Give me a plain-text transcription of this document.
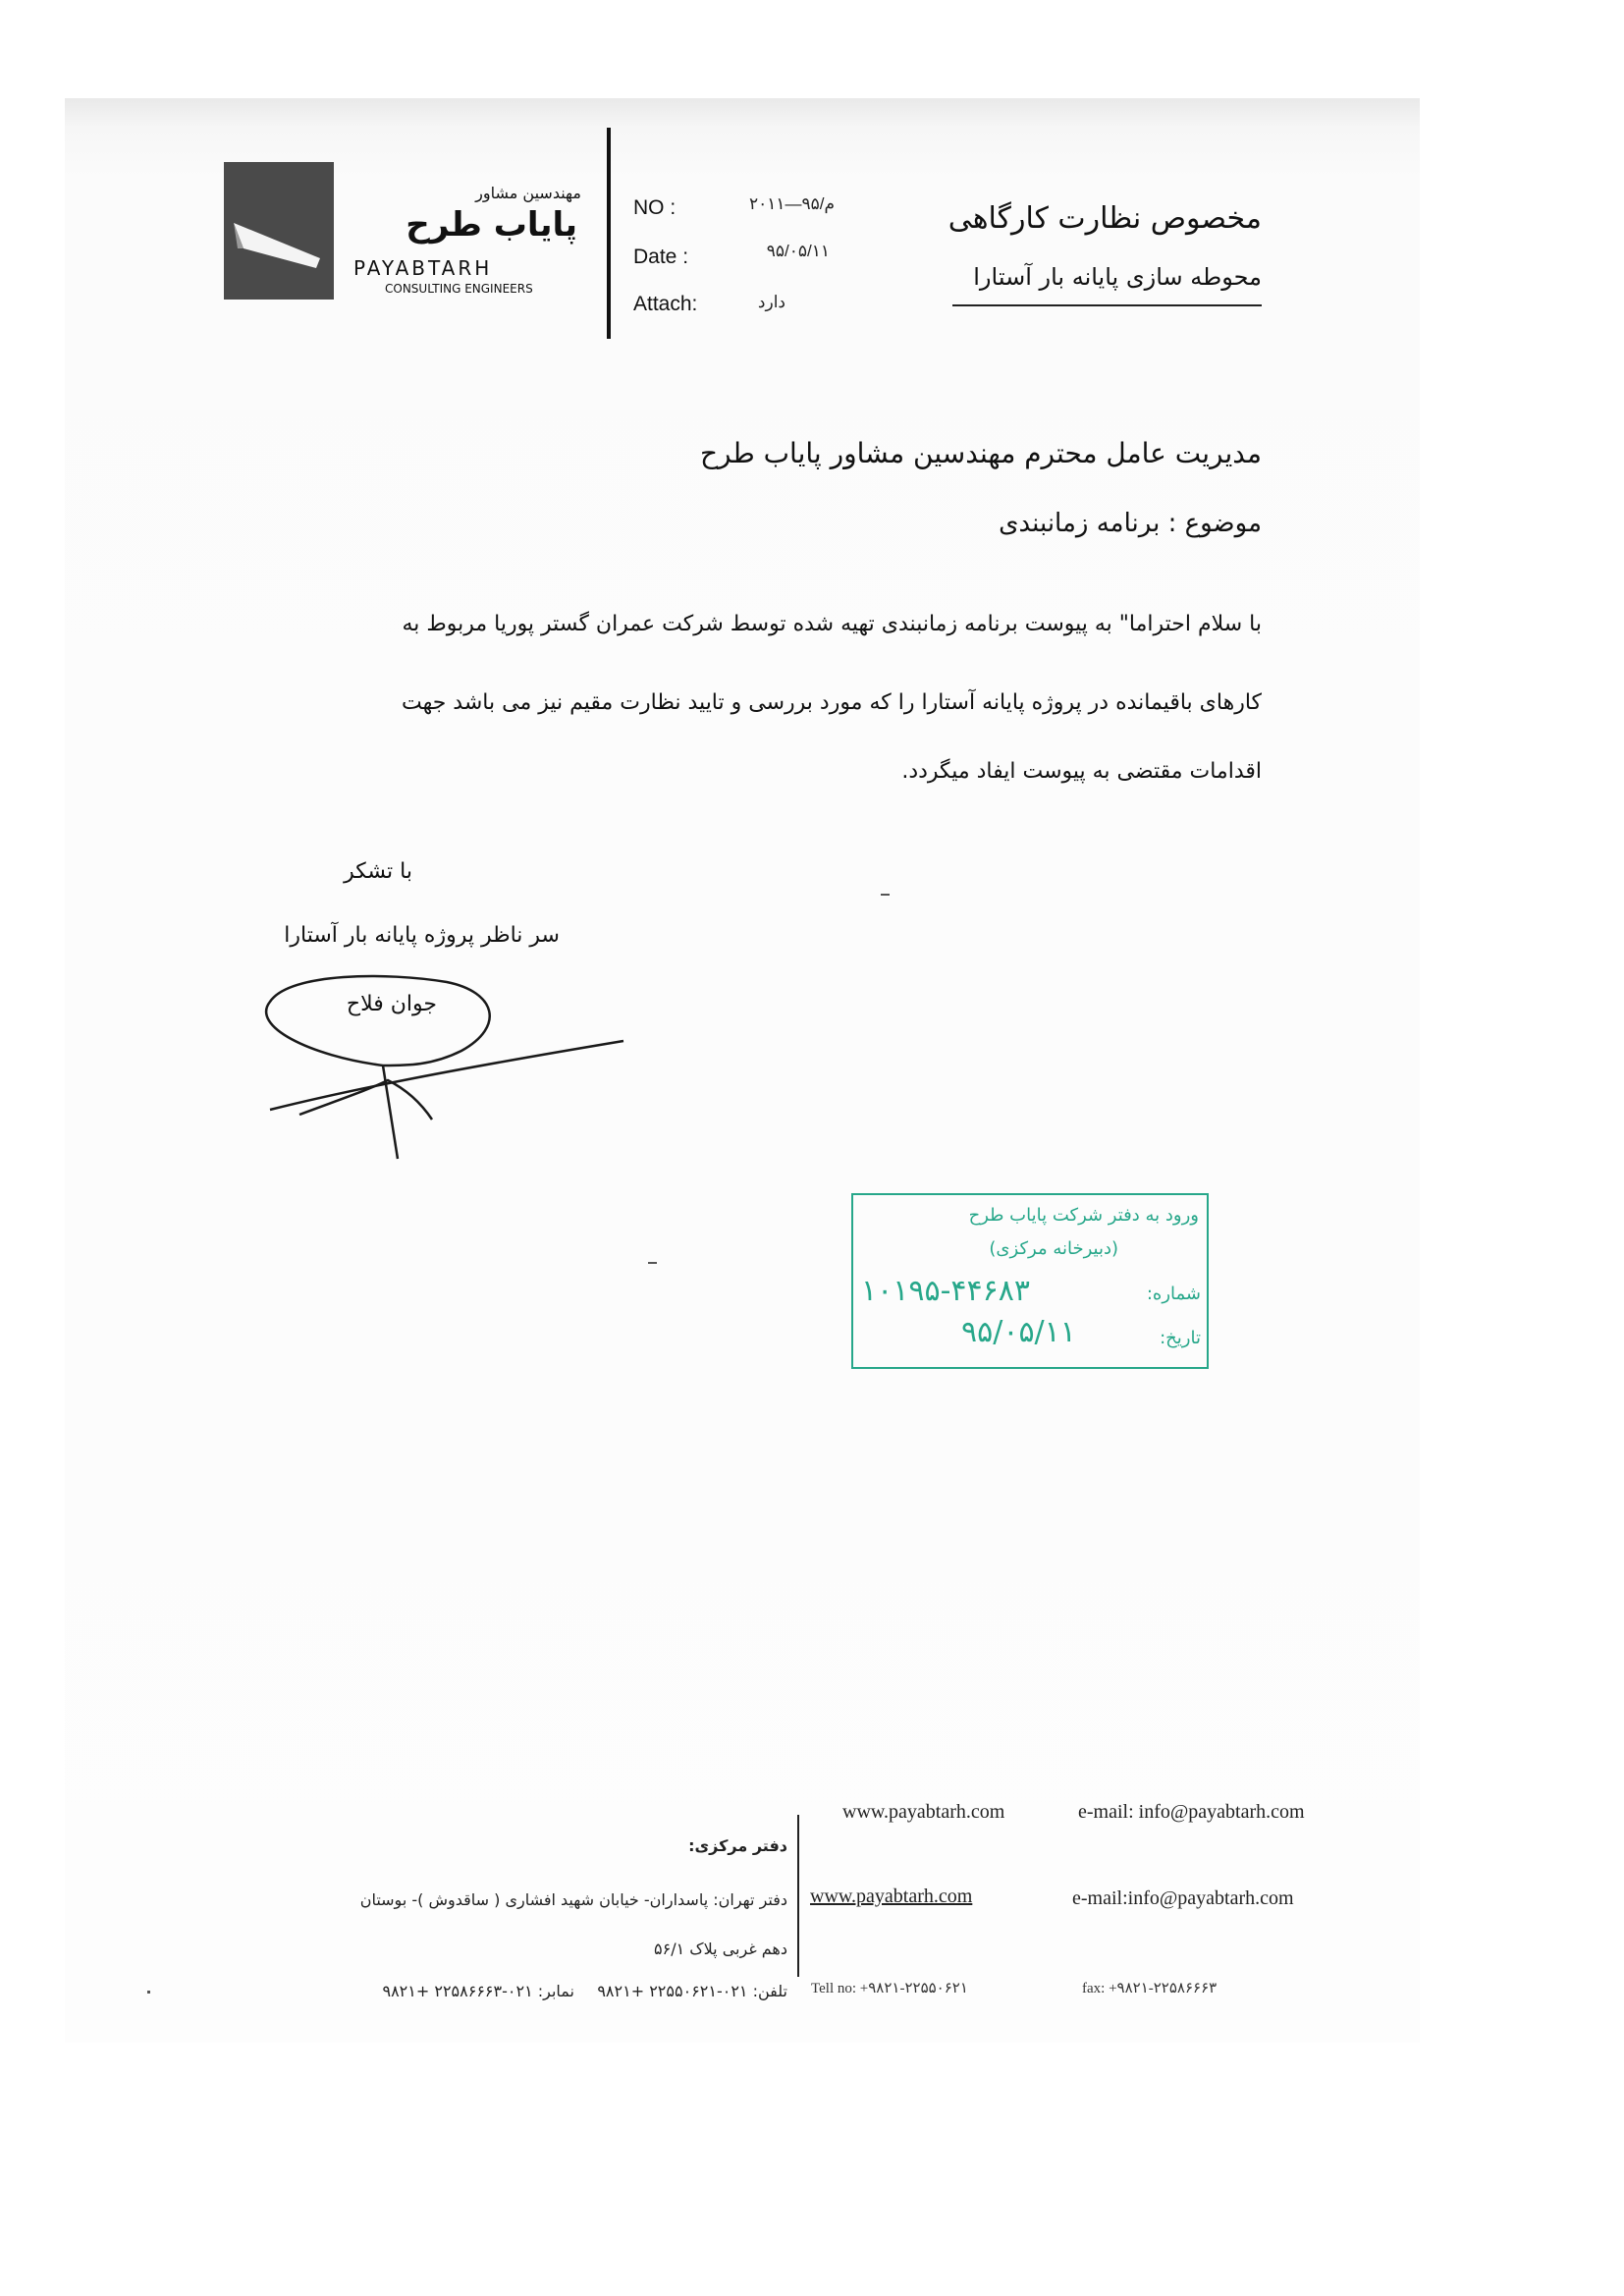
مهندسین مشاور
پایاب طرح
PAYABTARH
CONSULTING ENGINEERS
NO :	م/۹۵—۲۰۱۱
Date :	۹۵/۰۵/۱۱
Attach:	دارد
مخصوص نظارت کارگاهی
محوطه سازی پایانه بار آستارا
مدیریت عامل محترم مهندسین مشاور پایاب طرح
موضوع : برنامه زمانبندی
با سلام احتراما" به پیوست برنامه زمانبندی تهیه شده توسط شرکت عمران گستر پوریا مربوط به
کارهای باقیمانده در پروژه پایانه آستارا را که مورد بررسی و تایید نظارت مقیم نیز می باشد جهت
اقدامات مقتضی به پیوست ایفاد میگردد.
با تشکر
سر ناظر پروژه پایانه بار آستارا
جوان فلاح
ورود به دفتر شرکت پایاب طرح
(دبیرخانه مرکزی)
شماره:
۱۰۱۹۵-۴۴۶۸۳
تاریخ:
۹۵/۰۵/۱۱
www.payabtarh.com	e-mail: info@payabtarh.com
دفتر مرکزی:
دفتر تهران: پاسداران- خیابان شهید افشاری ( ساقدوش )- بوستان
دهم غربی پلاک ۵۶/۱
تلفن: ۰۲۱-۲۲۵۵۰۶۲۱ +۹۸۲۱
نمابر: ۰۲۱-۲۲۵۸۶۶۶۳ +۹۸۲۱
www.payabtarh.com	e-mail:info@payabtarh.com
Tell no: +۹۸۲۱-۲۲۵۵۰۶۲۱	fax: +۹۸۲۱-۲۲۵۸۶۶۶۳
